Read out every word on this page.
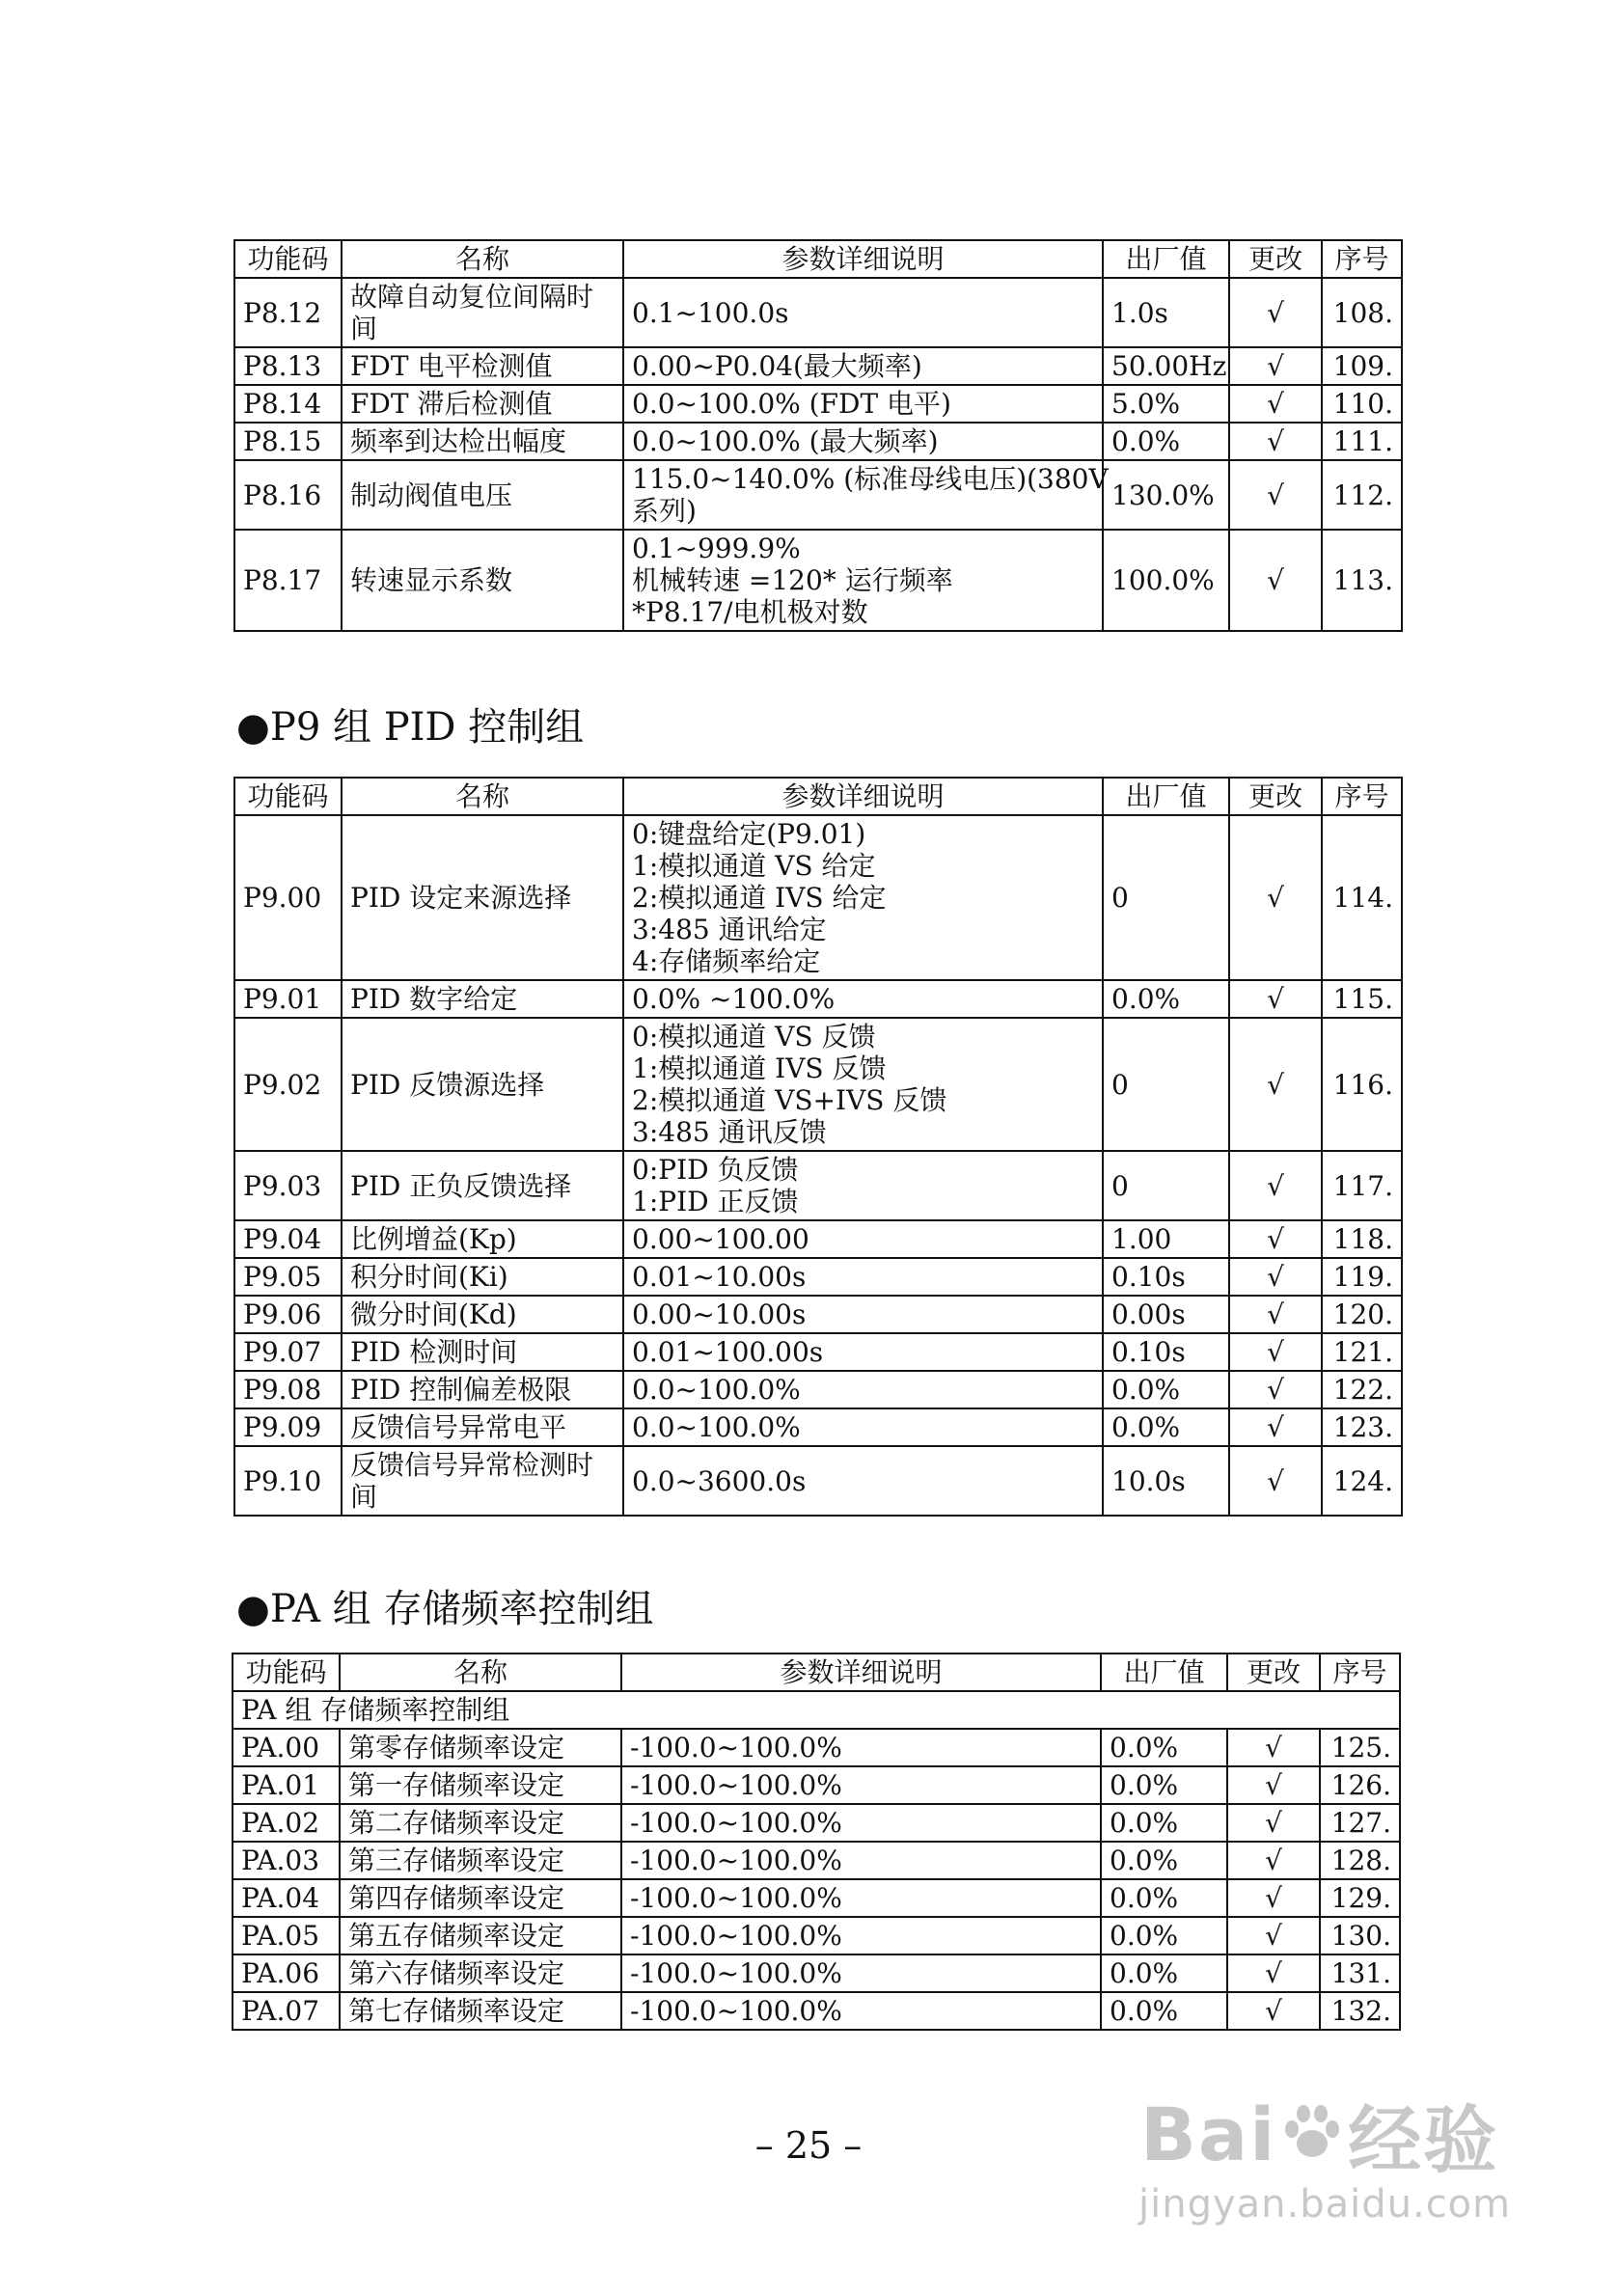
功能码	名称	参数详细说明	出厂值	更改	序号
P8.12	故障自动复位间隔时间	0.1~100.0s	1.0s	√	108.
P8.13	FDT 电平检测值	0.00~P0.04(最大频率)	50.00Hz	√	109.
P8.14	FDT 滞后检测值	0.0~100.0% (FDT 电平)	5.0%	√	110.
P8.15	频率到达检出幅度	0.0~100.0% (最大频率)	0.0%	√	111.
P8.16	制动阀值电压	115.0~140.0% (标准母线电压)(380V
系列)	130.0%	√	112.
P8.17	转速显示系数	0.1~999.9%
机械转速 =120* 运行频率
*P8.17/电机极对数	100.0%	√	113.
●P9 组 PID 控制组
功能码	名称	参数详细说明	出厂值	更改	序号
P9.00	PID 设定来源选择	0:键盘给定(P9.01)
1:模拟通道 VS 给定
2:模拟通道 IVS 给定
3:485 通讯给定
4:存储频率给定	0	√	114.
P9.01	PID 数字给定	0.0% ~100.0%	0.0%	√	115.
P9.02	PID 反馈源选择	0:模拟通道 VS 反馈
1:模拟通道 IVS 反馈
2:模拟通道 VS+IVS 反馈
3:485 通讯反馈	0	√	116.
P9.03	PID 正负反馈选择	0:PID 负反馈
1:PID 正反馈	0	√	117.
P9.04	比例增益(Kp)	0.00~100.00	1.00	√	118.
P9.05	积分时间(Ki)	0.01~10.00s	0.10s	√	119.
P9.06	微分时间(Kd)	0.00~10.00s	0.00s	√	120.
P9.07	PID 检测时间	0.01~100.00s	0.10s	√	121.
P9.08	PID 控制偏差极限	0.0~100.0%	0.0%	√	122.
P9.09	反馈信号异常电平	0.0~100.0%	0.0%	√	123.
P9.10	反馈信号异常检测时间	0.0~3600.0s	10.0s	√	124.
●PA 组 存储频率控制组
功能码	名称	参数详细说明	出厂值	更改	序号
PA 组 存储频率控制组					
PA.00	第零存储频率设定	-100.0~100.0%	0.0%	√	125.
PA.01	第一存储频率设定	-100.0~100.0%	0.0%	√	126.
PA.02	第二存储频率设定	-100.0~100.0%	0.0%	√	127.
PA.03	第三存储频率设定	-100.0~100.0%	0.0%	√	128.
PA.04	第四存储频率设定	-100.0~100.0%	0.0%	√	129.
PA.05	第五存储频率设定	-100.0~100.0%	0.0%	√	130.
PA.06	第六存储频率设定	-100.0~100.0%	0.0%	√	131.
PA.07	第七存储频率设定	-100.0~100.0%	0.0%	√	132.
– 25 –	Bai 经验
jingyan.baidu.com
